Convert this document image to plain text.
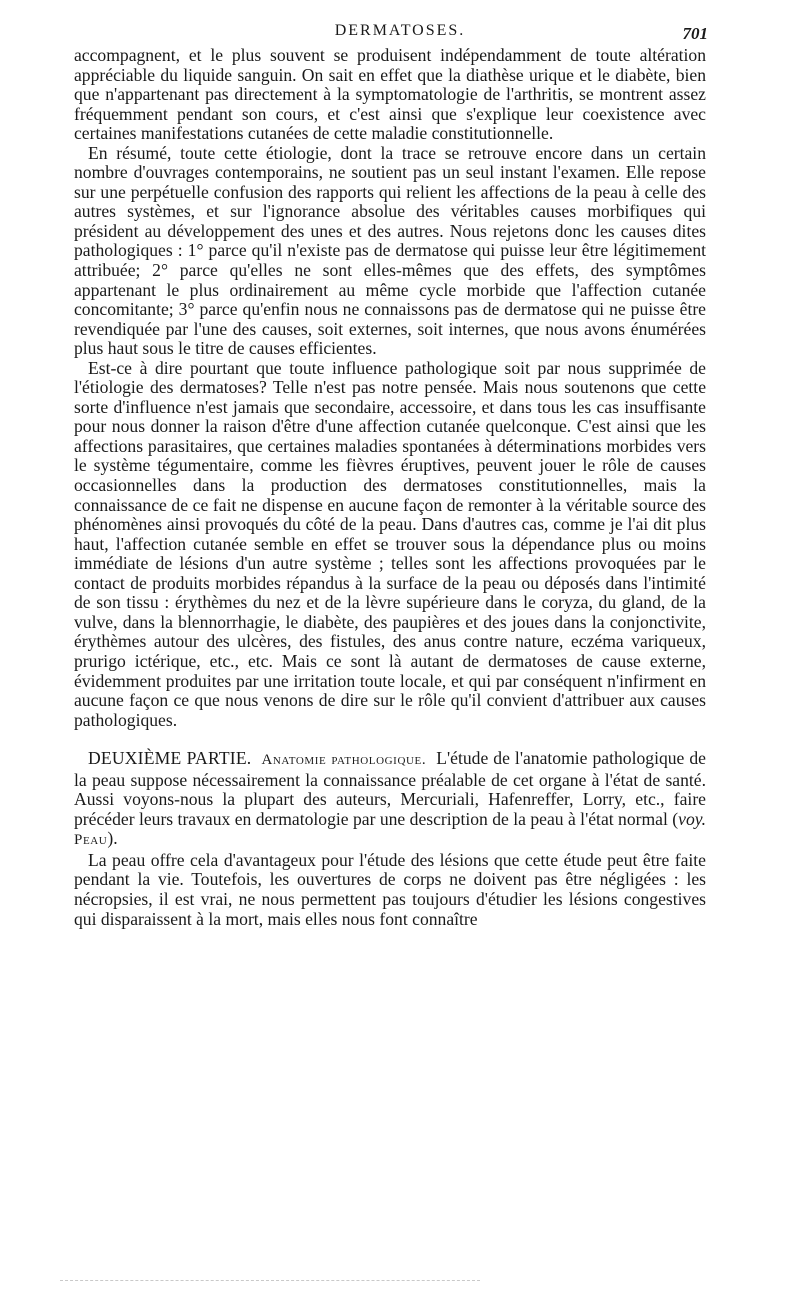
DERMATOSES.	701

accompagnent, et le plus souvent se produisent indépendamment de toute altération appréciable du liquide sanguin. On sait en effet que la diathèse urique et le diabète, bien que n'appartenant pas directement à la symptomatologie de l'arthritis, se montrent assez fréquemment pendant son cours, et c'est ainsi que s'explique leur coexistence avec certaines manifestations cutanées de cette maladie constitutionnelle.

En résumé, toute cette étiologie, dont la trace se retrouve encore dans un certain nombre d'ouvrages contemporains, ne soutient pas un seul instant l'examen. Elle repose sur une perpétuelle confusion des rapports qui relient les affections de la peau à celle des autres systèmes, et sur l'ignorance absolue des véritables causes morbifiques qui président au développement des unes et des autres. Nous rejetons donc les causes dites pathologiques : 1° parce qu'il n'existe pas de dermatose qui puisse leur être légitimement attribuée; 2° parce qu'elles ne sont elles-mêmes que des effets, des symptômes appartenant le plus ordinairement au même cycle morbide que l'affection cutanée concomitante; 3° parce qu'enfin nous ne connaissons pas de dermatose qui ne puisse être revendiquée par l'une des causes, soit externes, soit internes, que nous avons énumérées plus haut sous le titre de causes efficientes.

Est-ce à dire pourtant que toute influence pathologique soit par nous supprimée de l'étiologie des dermatoses? Telle n'est pas notre pensée. Mais nous soutenons que cette sorte d'influence n'est jamais que secondaire, accessoire, et dans tous les cas insuffisante pour nous donner la raison d'être d'une affection cutanée quelconque. C'est ainsi que les affections parasitaires, que certaines maladies spontanées à déterminations morbides vers le système tégumentaire, comme les fièvres éruptives, peuvent jouer le rôle de causes occasionnelles dans la production des dermatoses constitutionnelles, mais la connaissance de ce fait ne dispense en aucune façon de remonter à la véritable source des phénomènes ainsi provoqués du côté de la peau. Dans d'autres cas, comme je l'ai dit plus haut, l'affection cutanée semble en effet se trouver sous la dépendance plus ou moins immédiate de lésions d'un autre système ; telles sont les affections provoquées par le contact de produits morbides répandus à la surface de la peau ou déposés dans l'intimité de son tissu : érythèmes du nez et de la lèvre supérieure dans le coryza, du gland, de la vulve, dans la blennorrhagie, le diabète, des paupières et des joues dans la conjonctivite, érythèmes autour des ulcères, des fistules, des anus contre nature, eczéma variqueux, prurigo ictérique, etc., etc. Mais ce sont là autant de dermatoses de cause externe, évidemment produites par une irritation toute locale, et qui par conséquent n'infirment en aucune façon ce que nous venons de dire sur le rôle qu'il convient d'attribuer aux causes pathologiques.

DEUXIÈME PARTIE. Anatomie pathologique. L'étude de l'anatomie pathologique de la peau suppose nécessairement la connaissance préalable de cet organe à l'état de santé. Aussi voyons-nous la plupart des auteurs, Mercuriali, Hafenreffer, Lorry, etc., faire précéder leurs travaux en dermatologie par une description de la peau à l'état normal (voy. Peau).

La peau offre cela d'avantageux pour l'étude des lésions que cette étude peut être faite pendant la vie. Toutefois, les ouvertures de corps ne doivent pas être négligées : les nécropsies, il est vrai, ne nous permettent pas toujours d'étudier les lésions congestives qui disparaissent à la mort, mais elles nous font connaître
